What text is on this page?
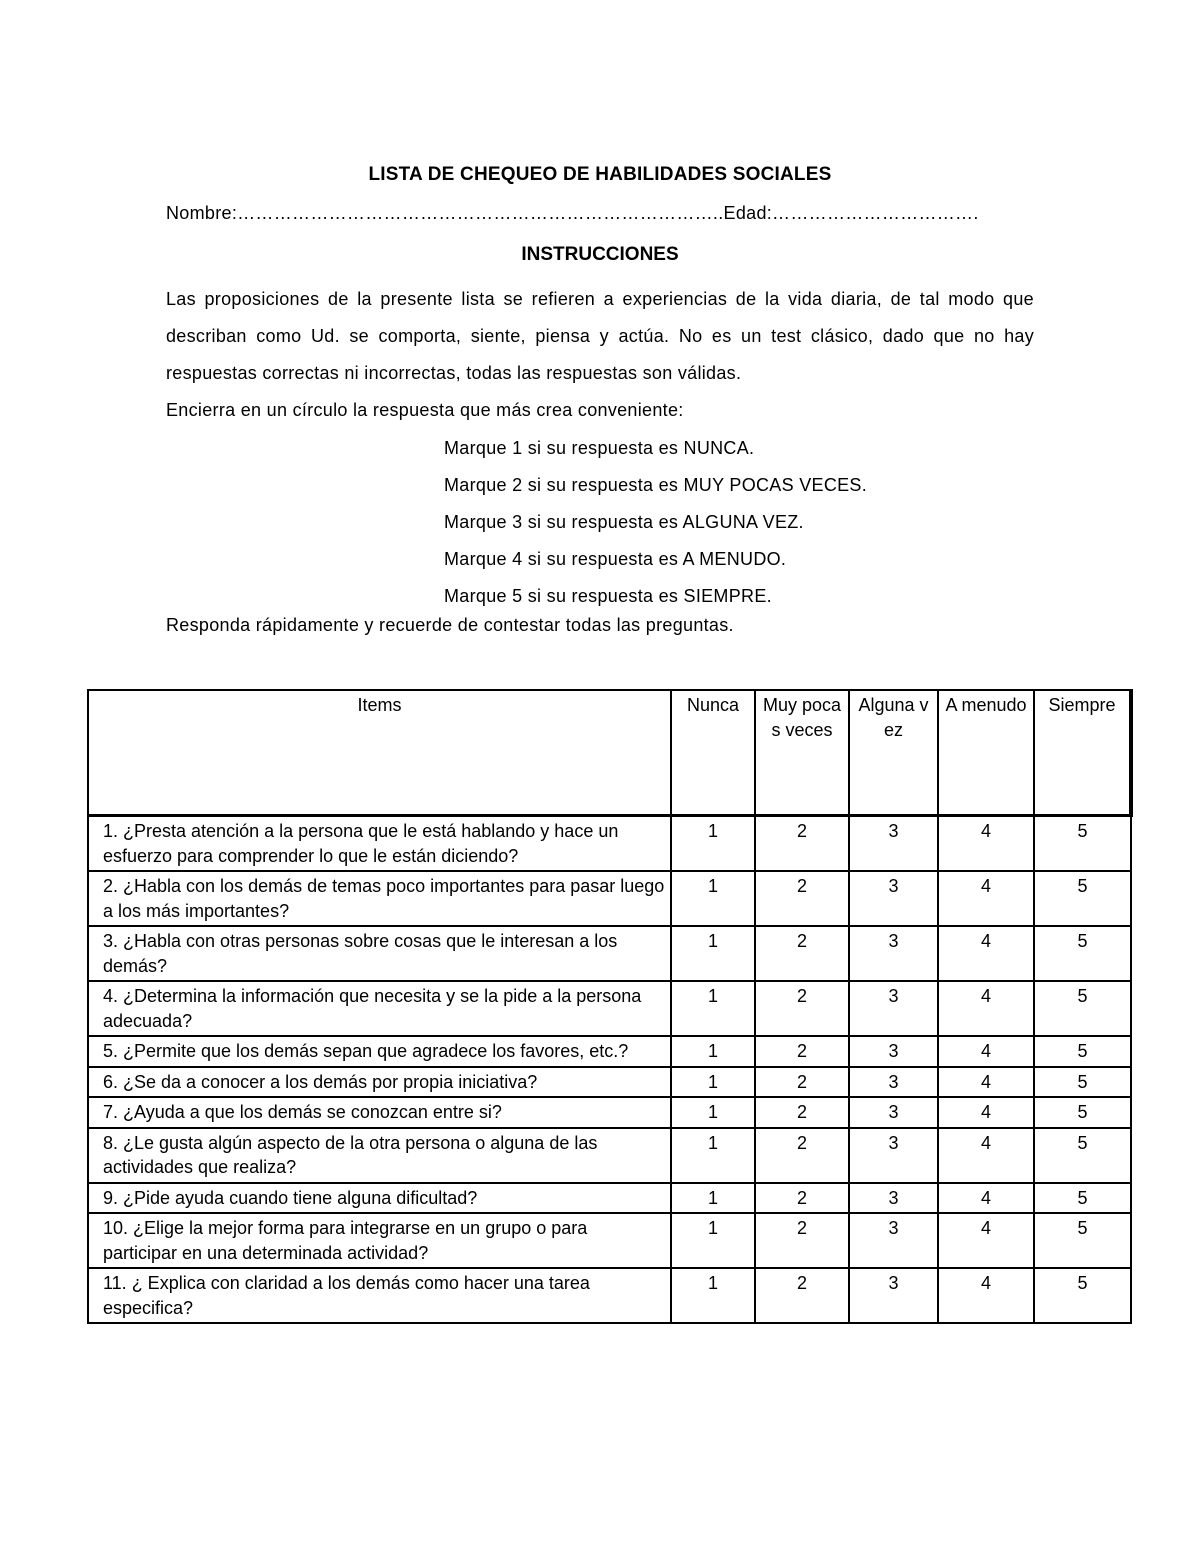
LISTA DE CHEQUEO DE HABILIDADES SOCIALES
Nombre:……………………………………………………………………..Edad:…………………………….
INSTRUCCIONES

Las proposiciones de la presente lista se refieren a experiencias de la vida diaria, de tal modo que describan como Ud. se comporta, siente, piensa y actúa. No es un test clásico, dado que no hay respuestas correctas ni incorrectas, todas las respuestas son válidas.

Encierra en un círculo la respuesta que más crea conveniente:

Marque 1 si su respuesta es NUNCA.
Marque 2 si su respuesta es MUY POCAS VECES.
Marque 3 si su respuesta es ALGUNA VEZ.
Marque 4 si su respuesta es A MENUDO.
Marque 5 si su respuesta es SIEMPRE.
Responda rápidamente y recuerde de contestar todas las preguntas.
Items	Nunca	Muy pocas veces	Alguna vez	A menudo	Siempre
1. ¿Presta atención a la persona que le está hablando y hace un esfuerzo para comprender lo que le están diciendo?	1	2	3	4	5
2. ¿Habla con los demás de temas poco importantes para pasar luego a los más importantes?	1	2	3	4	5
3. ¿Habla con otras personas sobre cosas que le interesan a los demás?	1	2	3	4	5
4. ¿Determina la información que necesita y se la pide a la persona adecuada?	1	2	3	4	5
5. ¿Permite que los demás sepan que agradece los favores, etc.?	1	2	3	4	5
6. ¿Se da a conocer a los demás por propia iniciativa?	1	2	3	4	5
7. ¿Ayuda a que los demás se conozcan entre si?	1	2	3	4	5
8. ¿Le gusta algún aspecto de la otra persona o alguna de las actividades que realiza?	1	2	3	4	5
9. ¿Pide ayuda cuando tiene alguna dificultad?	1	2	3	4	5
10. ¿Elige la mejor forma para integrarse en un grupo o para participar en una determinada actividad?	1	2	3	4	5
11. ¿ Explica con claridad a los demás como hacer una tarea especifica?	1	2	3	4	5
